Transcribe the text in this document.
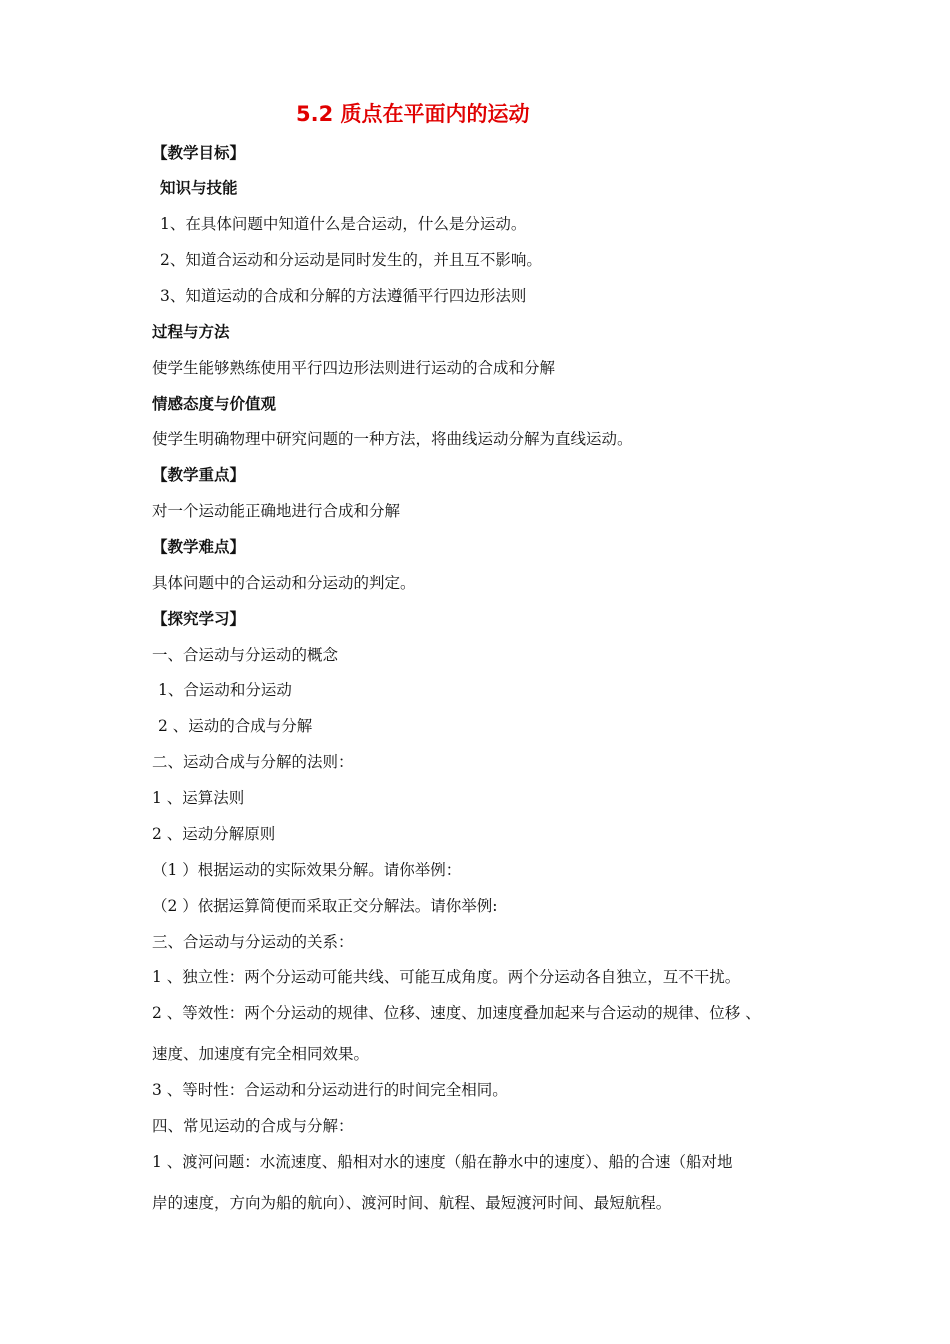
5.2 质点在平面内的运动
【教学目标】
知识与技能
1、在具体问题中知道什么是合运动，什么是分运动。
2、知道合运动和分运动是同时发生的，并且互不影响。
3、知道运动的合成和分解的方法遵循平行四边形法则
过程与方法
使学生能够熟练使用平行四边形法则进行运动的合成和分解
情感态度与价值观
使学生明确物理中研究问题的一种方法，将曲线运动分解为直线运动。
【教学重点】
对一个运动能正确地进行合成和分解
【教学难点】
具体问题中的合运动和分运动的判定。
【探究学习】
一、合运动与分运动的概念
1、合运动和分运动
2 、运动的合成与分解
二、运动合成与分解的法则：
1 、运算法则
2 、运动分解原则
（1 ）根据运动的实际效果分解。请你举例：
（2 ）依据运算简便而采取正交分解法。请你举例:
三、合运动与分运动的关系：
1 、独立性：两个分运动可能共线、可能互成角度。两个分运动各自独立，互不干扰。
2 、等效性：两个分运动的规律、位移、速度、加速度叠加起来与合运动的规律、位移 、
速度、加速度有完全相同效果。
3 、等时性：合运动和分运动进行的时间完全相同。
四、常见运动的合成与分解：
1 、渡河问题：水流速度、船相对水的速度（船在静水中的速度）、船的合速（船对地
岸的速度，方向为船的航向）、渡河时间、航程、最短渡河时间、最短航程。
